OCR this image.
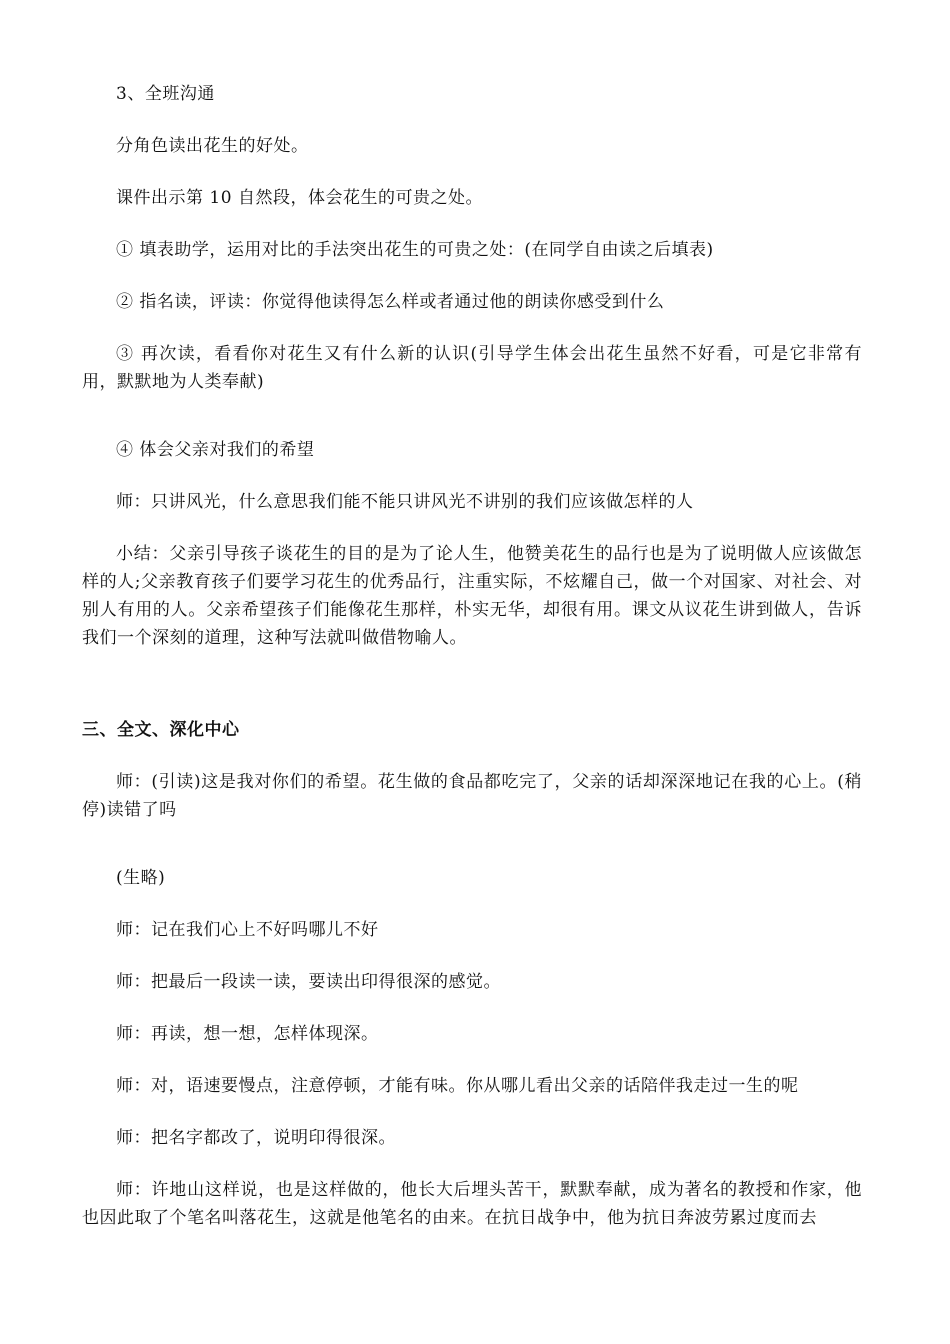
3、全班沟通

分角色读出花生的好处。

课件出示第 10 自然段，体会花生的可贵之处。

① 填表助学，运用对比的手法突出花生的可贵之处：(在同学自由读之后填表)

② 指名读，评读：你觉得他读得怎么样或者通过他的朗读你感受到什么

③ 再次读，看看你对花生又有什么新的认识(引导学生体会出花生虽然不好看，可是它非常有用，默默地为人类奉献)

④ 体会父亲对我们的希望

师：只讲风光，什么意思我们能不能只讲风光不讲别的我们应该做怎样的人

小结：父亲引导孩子谈花生的目的是为了论人生，他赞美花生的品行也是为了说明做人应该做怎样的人;父亲教育孩子们要学习花生的优秀品行，注重实际，不炫耀自己，做一个对国家、对社会、对别人有用的人。父亲希望孩子们能像花生那样，朴实无华，却很有用。课文从议花生讲到做人，告诉我们一个深刻的道理，这种写法就叫做借物喻人。

三、全文、深化中心

师：(引读)这是我对你们的希望。花生做的食品都吃完了，父亲的话却深深地记在我的心上。(稍停)读错了吗

(生略)

师：记在我们心上不好吗哪儿不好

师：把最后一段读一读，要读出印得很深的感觉。

师：再读，想一想，怎样体现深。

师：对，语速要慢点，注意停顿，才能有味。你从哪儿看出父亲的话陪伴我走过一生的呢

师：把名字都改了，说明印得很深。

师：许地山这样说，也是这样做的，他长大后埋头苦干，默默奉献，成为著名的教授和作家，他也因此取了个笔名叫落花生，这就是他笔名的由来。在抗日战争中，他为抗日奔波劳累过度而去
